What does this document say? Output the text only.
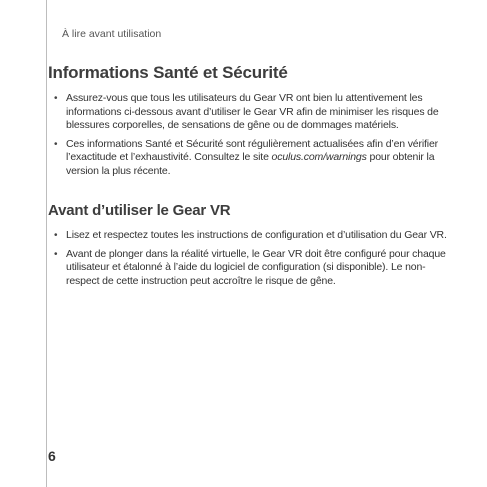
À lire avant utilisation
Informations Santé et Sécurité
• Assurez-vous que tous les utilisateurs du Gear VR ont bien lu attentivement les informations ci-dessous avant d’utiliser le Gear VR afin de minimiser les risques de blessures corporelles, de sensations de gêne ou de dommages matériels.
• Ces informations Santé et Sécurité sont régulièrement actualisées afin d’en vérifier l’exactitude et l’exhaustivité. Consultez le site oculus.com/warnings pour obtenir la version la plus récente.
Avant d’utiliser le Gear VR
• Lisez et respectez toutes les instructions de configuration et d’utilisation du Gear VR.
• Avant de plonger dans la réalité virtuelle, le Gear VR doit être configuré pour chaque utilisateur et étalonné à l’aide du logiciel de configuration (si disponible). Le non-respect de cette instruction peut accroître le risque de gêne.
6
